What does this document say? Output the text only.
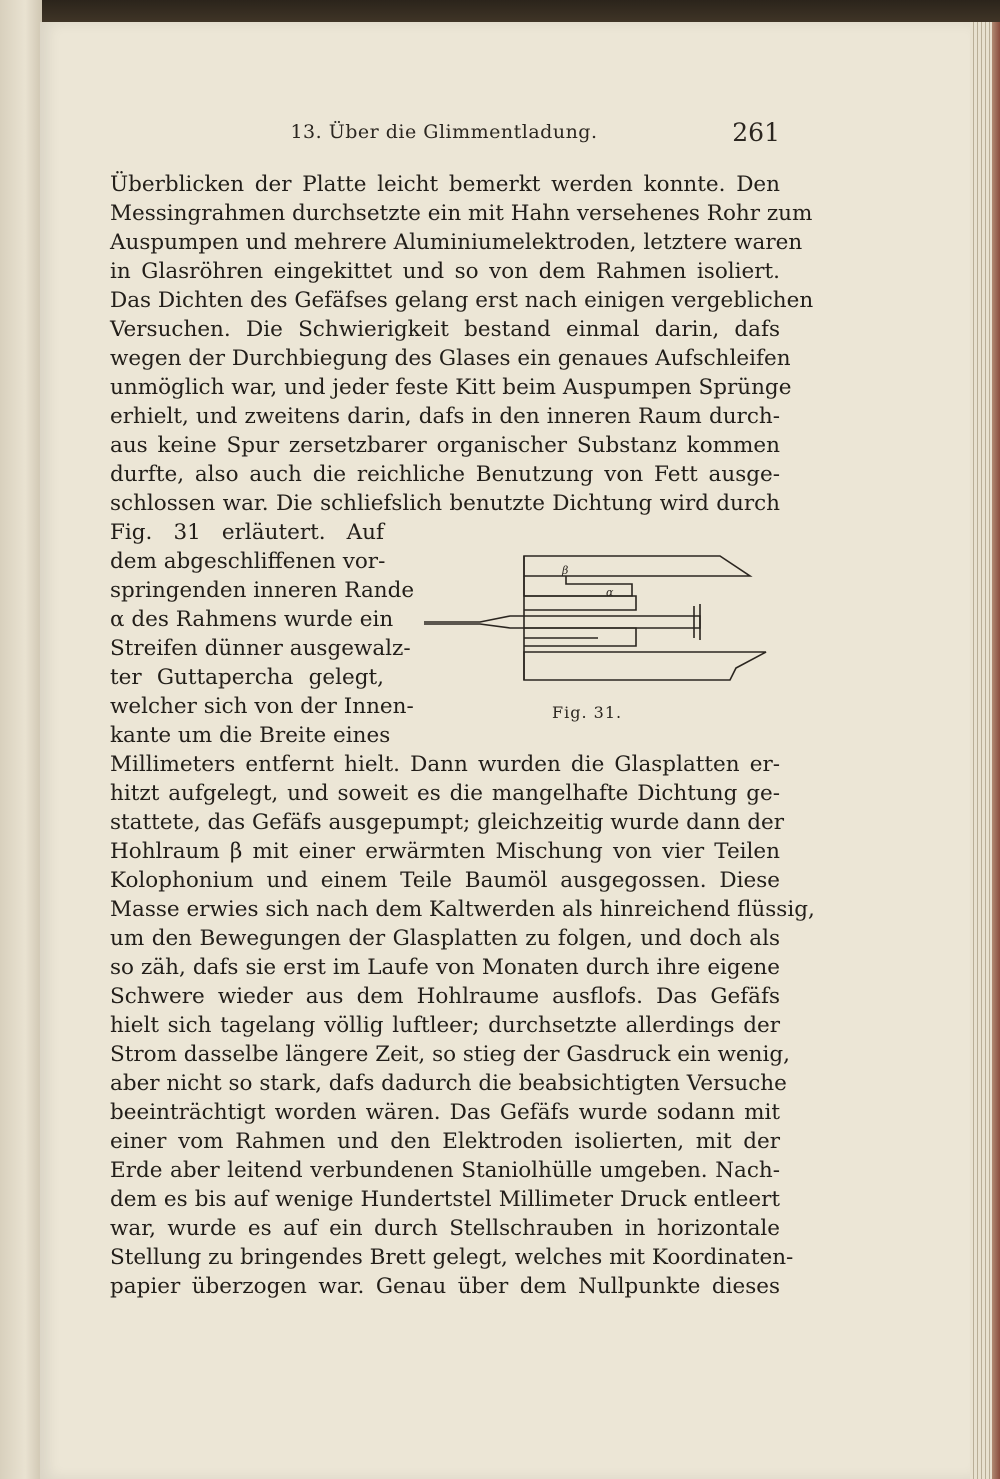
13. Über die Glimmentladung.	261
Überblicken der Platte leicht bemerkt werden konnte. Den
Messingrahmen durchsetzte ein mit Hahn versehenes Rohr zum
Auspumpen und mehrere Aluminiumelektroden, letztere waren
in Glasröhren eingekittet und so von dem Rahmen isoliert.
Das Dichten des Gefäfses gelang erst nach einigen vergeblichen
Versuchen. Die Schwierigkeit bestand einmal darin, dafs
wegen der Durchbiegung des Glases ein genaues Aufschleifen
unmöglich war, und jeder feste Kitt beim Auspumpen Sprünge
erhielt, und zweitens darin, dafs in den inneren Raum durch-
aus keine Spur zersetzbarer organischer Substanz kommen
durfte, also auch die reichliche Benutzung von Fett ausge-
schlossen war. Die schliefslich benutzte Dichtung wird durch
Fig. 31 erläutert. Auf
dem abgeschliffenen vor-
springenden inneren Rande
α des Rahmens wurde ein
Streifen dünner ausgewalz-
ter Guttapercha gelegt,
welcher sich von der Innen-
kante um die Breite eines
Millimeters entfernt hielt. Dann wurden die Glasplatten er-
hitzt aufgelegt, und soweit es die mangelhafte Dichtung ge-
stattete, das Gefäfs ausgepumpt; gleichzeitig wurde dann der
Hohlraum β mit einer erwärmten Mischung von vier Teilen
Kolophonium und einem Teile Baumöl ausgegossen. Diese
Masse erwies sich nach dem Kaltwerden als hinreichend flüssig,
um den Bewegungen der Glasplatten zu folgen, und doch als
so zäh, dafs sie erst im Laufe von Monaten durch ihre eigene
Schwere wieder aus dem Hohlraume ausflofs. Das Gefäfs
hielt sich tagelang völlig luftleer; durchsetzte allerdings der
Strom dasselbe längere Zeit, so stieg der Gasdruck ein wenig,
aber nicht so stark, dafs dadurch die beabsichtigten Versuche
beeinträchtigt worden wären. Das Gefäfs wurde sodann mit
einer vom Rahmen und den Elektroden isolierten, mit der
Erde aber leitend verbundenen Staniolhülle umgeben. Nach-
dem es bis auf wenige Hundertstel Millimeter Druck entleert
war, wurde es auf ein durch Stellschrauben in horizontale
Stellung zu bringendes Brett gelegt, welches mit Koordinaten-
papier überzogen war. Genau über dem Nullpunkte dieses
β
α
Fig. 31.
